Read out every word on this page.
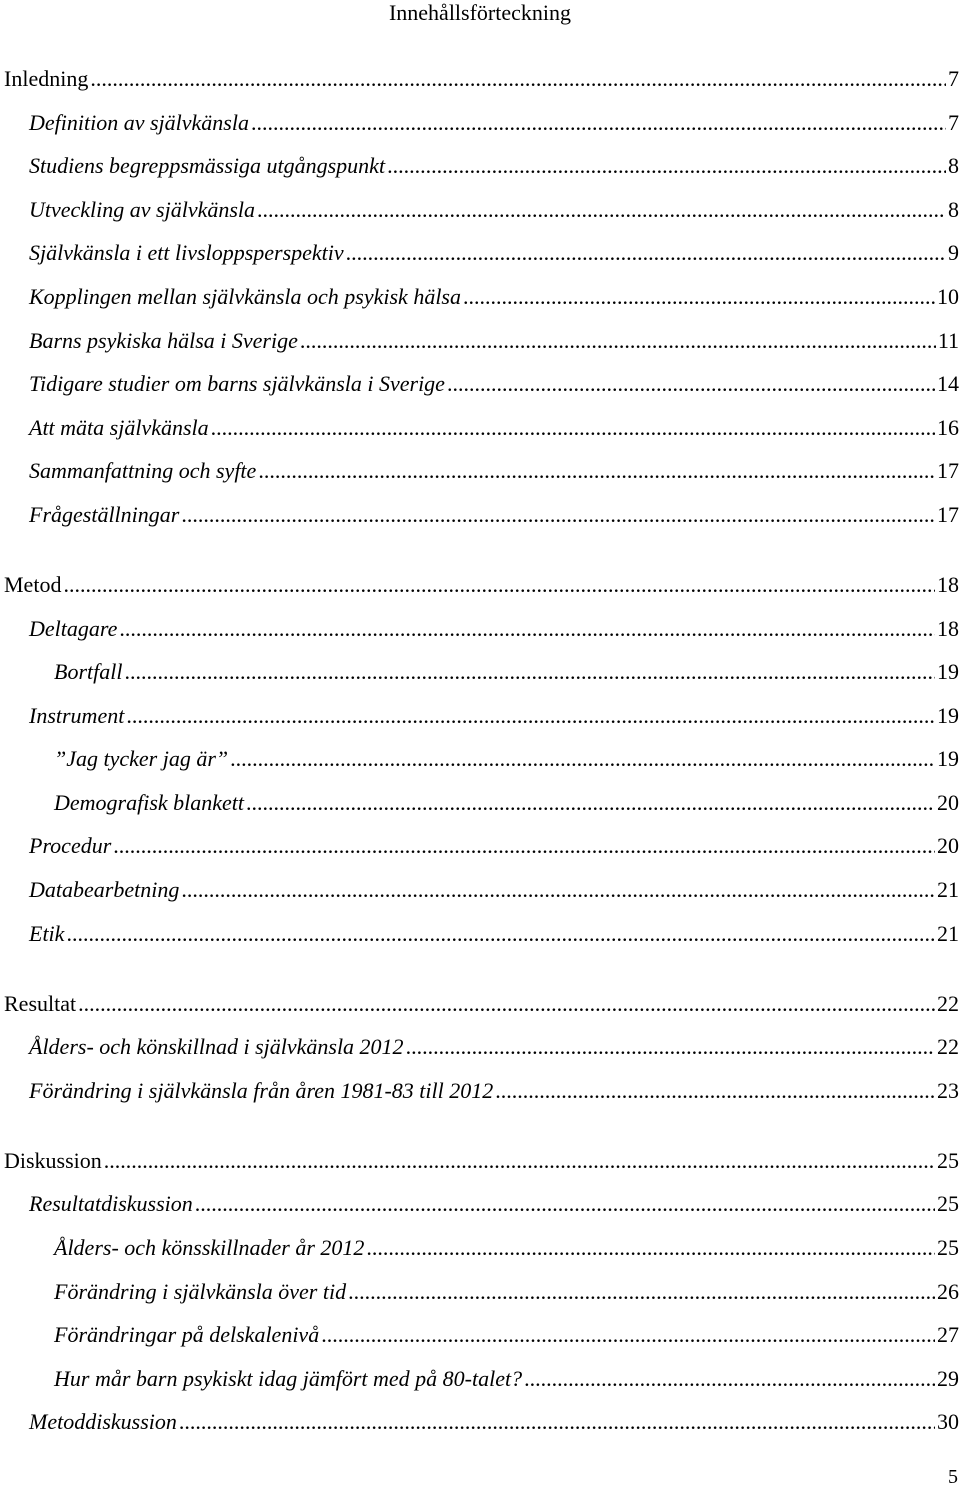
Innehållsförteckning
Inledning .....	7
Definition av självkänsla .....	7
Studiens begreppsmässiga utgångspunkt .....	8
Utveckling av självkänsla .....	8
Självkänsla i ett livsloppsperspektiv .....	9
Kopplingen mellan självkänsla och psykisk hälsa .....	10
Barns psykiska hälsa i Sverige .....	11
Tidigare studier om barns självkänsla i Sverige .....	14
Att mäta självkänsla .....	16
Sammanfattning och syfte .....	17
Frågeställningar .....	17
Metod .....	18
Deltagare .....	18
Bortfall .....	19
Instrument .....	19
”Jag tycker jag är” .....	19
Demografisk blankett .....	20
Procedur .....	20
Databearbetning .....	21
Etik .....	21
Resultat .....	22
Ålders- och könskillnad i självkänsla 2012 .....	22
Förändring i självkänsla från åren 1981-83 till 2012 .....	23
Diskussion .....	25
Resultatdiskussion .....	25
Ålders- och könsskillnader år 2012 .....	25
Förändring i självkänsla över tid .....	26
Förändringar på delskalenivå .....	27
Hur mår barn psykiskt idag jämfört med på 80-talet? .....	29
Metoddiskussion .....	30
5
